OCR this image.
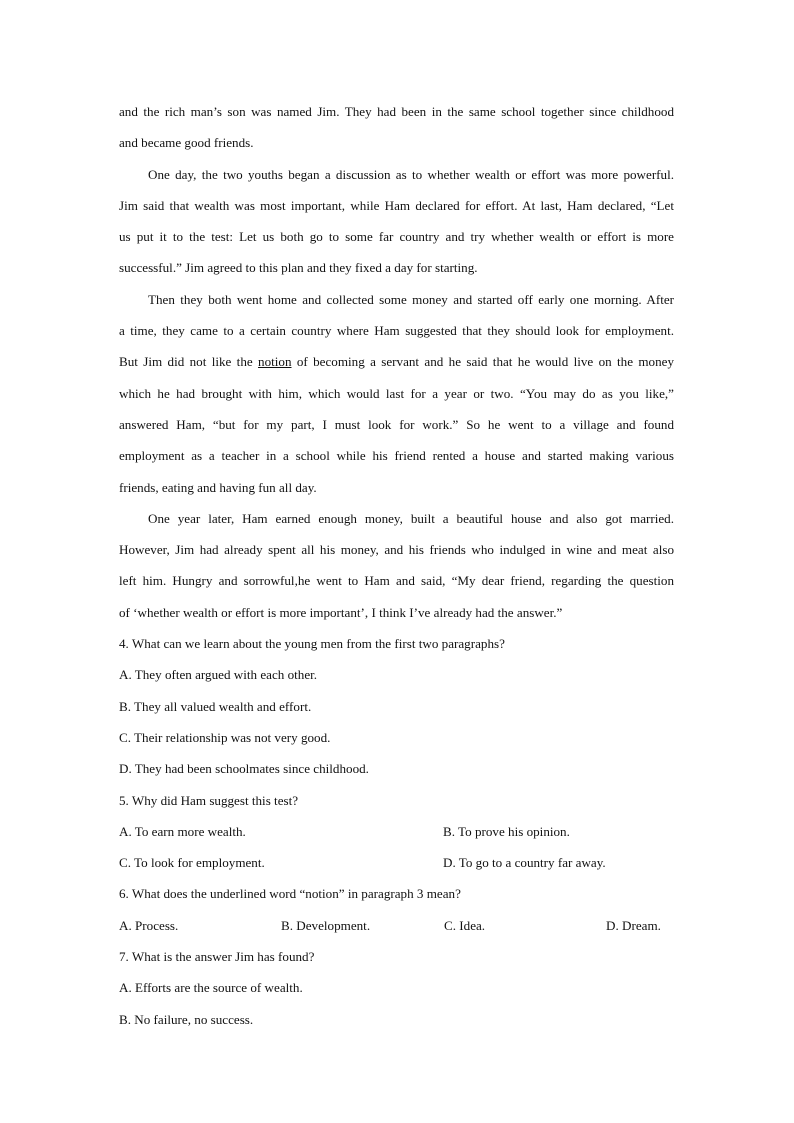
and the rich man’s son was named Jim. They had been in the same school together since childhood
and became good friends.
One day, the two youths began a discussion as to whether wealth or effort was more powerful.
Jim said that wealth was most important, while Ham declared for effort. At last, Ham declared, “Let
us put it to the test: Let us both go to some far country and try whether wealth or effort is more
successful.” Jim agreed to this plan and they fixed a day for starting.
Then they both went home and collected some money and started off early one morning. After
a time, they came to a certain country where Ham suggested that they should look for employment.
But Jim did not like the notion of becoming a servant and he said that he would live on the money
which he had brought with him, which would last for a year or two. “You may do as you like,”
answered Ham, “but for my part, I must look for work.” So he went to a village and found
employment as a teacher in a school while his friend rented a house and started making various
friends, eating and having fun all day.
One year later, Ham earned enough money, built a beautiful house and also got married.
However, Jim had already spent all his money, and his friends who indulged in wine and meat also
left him. Hungry and sorrowful,he went to Ham and said, “My dear friend, regarding the question
of ‘whether wealth or effort is more important’, I think I’ve already had the answer.”
4. What can we learn about the young men from the first two paragraphs?
A. They often argued with each other.
B. They all valued wealth and effort.
C. Their relationship was not very good.
D. They had been schoolmates since childhood.
5. Why did Ham suggest this test?
A. To earn more wealth.	B. To prove his opinion.
C. To look for employment.	D. To go to a country far away.
6. What does the underlined word “notion” in paragraph 3 mean?
A. Process.	B. Development.	C. Idea.	D. Dream.
7. What is the answer Jim has found?
A. Efforts are the source of wealth.
B. No failure, no success.
